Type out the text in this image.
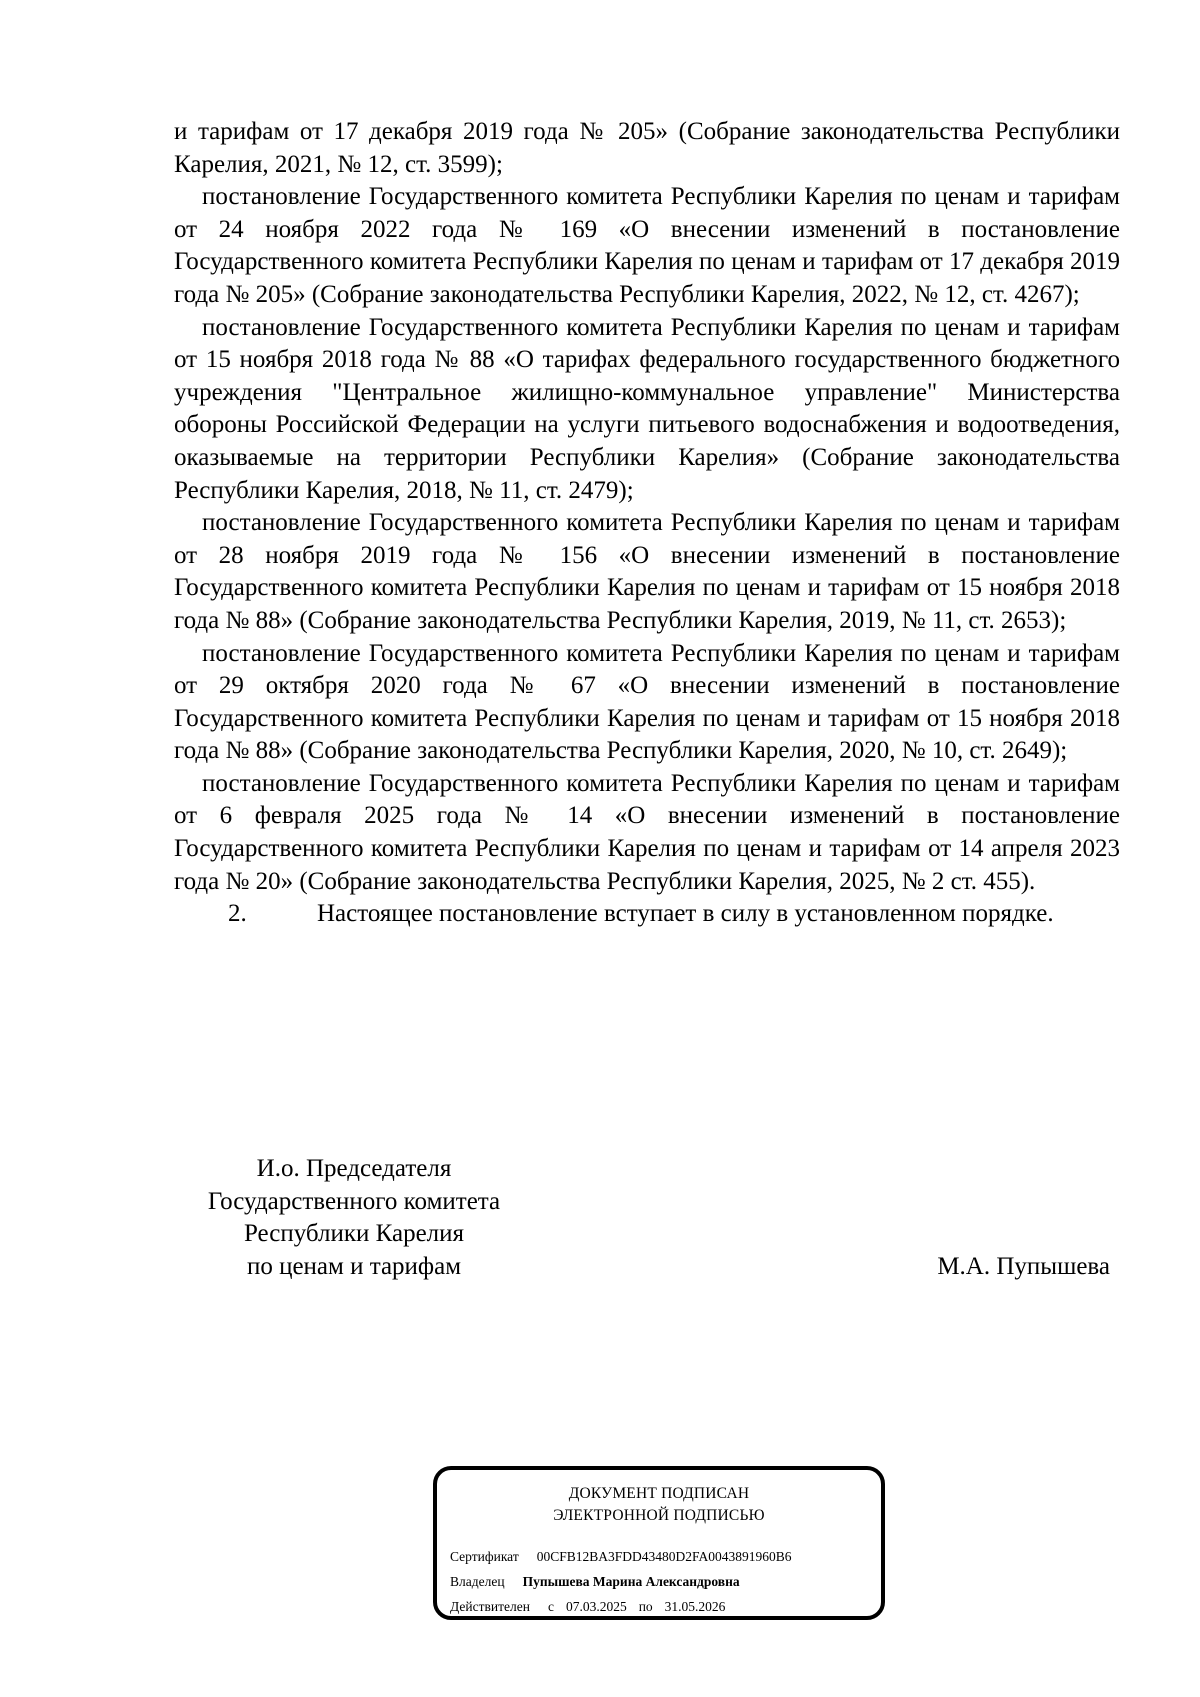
и тарифам от 17 декабря 2019 года № 205» (Собрание законодательства Республики Карелия, 2021, № 12, ст. 3599);

постановление Государственного комитета Республики Карелия по ценам и тарифам от 24 ноября 2022 года № 169 «О внесении изменений в постановление Государственного комитета Республики Карелия по ценам и тарифам от 17 декабря 2019 года № 205» (Собрание законодательства Республики Карелия, 2022, № 12, ст. 4267);

постановление Государственного комитета Республики Карелия по ценам и тарифам от 15 ноября 2018 года № 88 «О тарифах федерального государственного бюджетного учреждения "Центральное жилищно-коммунальное управление" Министерства обороны Российской Федерации на услуги питьевого водоснабжения и водоотведения, оказываемые на территории Республики Карелия» (Собрание законодательства Республики Карелия, 2018, № 11, ст. 2479);

постановление Государственного комитета Республики Карелия по ценам и тарифам от 28 ноября 2019 года № 156 «О внесении изменений в постановление Государственного комитета Республики Карелия по ценам и тарифам от 15 ноября 2018 года № 88» (Собрание законодательства Республики Карелия, 2019, № 11, ст. 2653);

постановление Государственного комитета Республики Карелия по ценам и тарифам от 29 октября 2020 года № 67 «О внесении изменений в постановление Государственного комитета Республики Карелия по ценам и тарифам от 15 ноября 2018 года № 88» (Собрание законодательства Республики Карелия, 2020, № 10, ст. 2649);

постановление Государственного комитета Республики Карелия по ценам и тарифам от 6 февраля 2025 года № 14 «О внесении изменений в постановление Государственного комитета Республики Карелия по ценам и тарифам от 14 апреля 2023 года № 20» (Собрание законодательства Республики Карелия, 2025, № 2 ст. 455).

2.	Настоящее постановление вступает в силу в установленном порядке.
И.о. Председателя
Государственного комитета
Республики Карелия
по ценам и тарифам	М.А. Пупышева
ДОКУМЕНТ ПОДПИСАН
ЭЛЕКТРОННОЙ ПОДПИСЬЮ
Сертификат 00CFB12BA3FDD43480D2FA0043891960B6
Владелец Пупышева Марина Александровна
Действителен с 07.03.2025 по 31.05.2026
